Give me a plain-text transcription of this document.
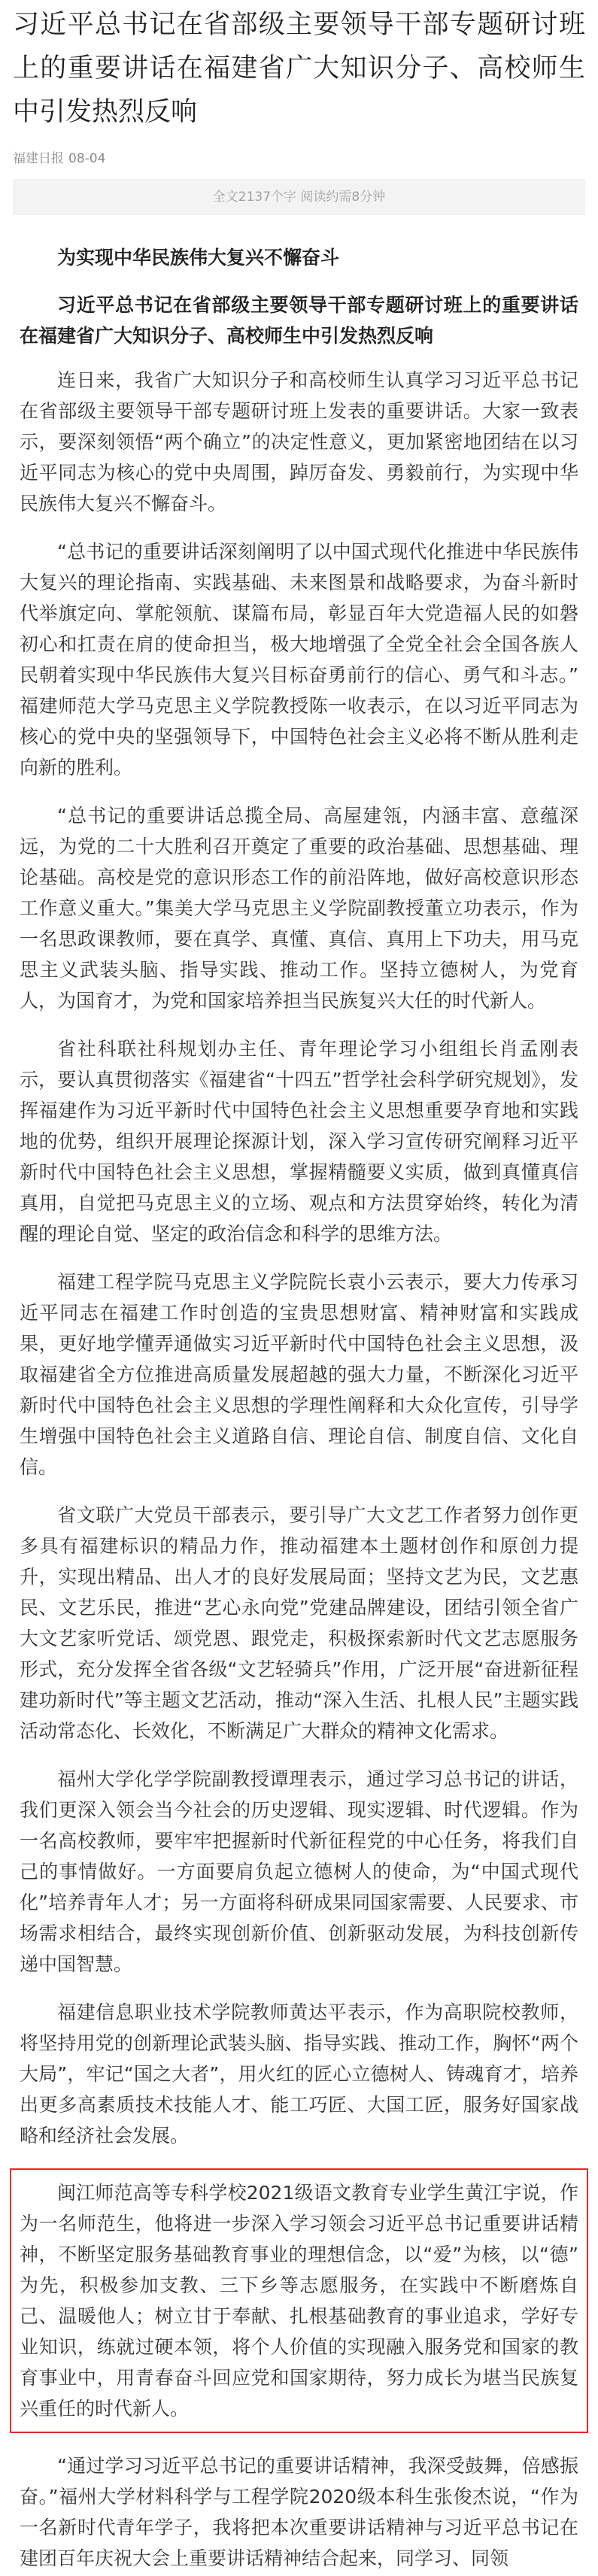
习近平总书记在省部级主要领导干部专题研讨班上的重要讲话在福建省广大知识分子、高校师生中引发热烈反响
福建日报 08-04
全文2137个字 阅读约需8分钟

为实现中华民族伟大复兴不懈奋斗

习近平总书记在省部级主要领导干部专题研讨班上的重要讲话在福建省广大知识分子、高校师生中引发热烈反响

连日来，我省广大知识分子和高校师生认真学习习近平总书记在省部级主要领导干部专题研讨班上发表的重要讲话。大家一致表示，要深刻领悟“两个确立”的决定性意义，更加紧密地团结在以习近平同志为核心的党中央周围，踔厉奋发、勇毅前行，为实现中华民族伟大复兴不懈奋斗。

“总书记的重要讲话深刻阐明了以中国式现代化推进中华民族伟大复兴的理论指南、实践基础、未来图景和战略要求，为奋斗新时代举旗定向、掌舵领航、谋篇布局，彰显百年大党造福人民的如磐初心和扛责在肩的使命担当，极大地增强了全党全社会全国各族人民朝着实现中华民族伟大复兴目标奋勇前行的信心、勇气和斗志。”福建师范大学马克思主义学院教授陈一收表示，在以习近平同志为核心的党中央的坚强领导下，中国特色社会主义必将不断从胜利走向新的胜利。

“总书记的重要讲话总揽全局、高屋建瓴，内涵丰富、意蕴深远，为党的二十大胜利召开奠定了重要的政治基础、思想基础、理论基础。高校是党的意识形态工作的前沿阵地，做好高校意识形态工作意义重大。”集美大学马克思主义学院副教授董立功表示，作为一名思政课教师，要在真学、真懂、真信、真用上下功夫，用马克思主义武装头脑、指导实践、推动工作。坚持立德树人，为党育人，为国育才，为党和国家培养担当民族复兴大任的时代新人。

省社科联社科规划办主任、青年理论学习小组组长肖孟刚表示，要认真贯彻落实《福建省“十四五”哲学社会科学研究规划》，发挥福建作为习近平新时代中国特色社会主义思想重要孕育地和实践地的优势，组织开展理论探源计划，深入学习宣传研究阐释习近平新时代中国特色社会主义思想，掌握精髓要义实质，做到真懂真信真用，自觉把马克思主义的立场、观点和方法贯穿始终，转化为清醒的理论自觉、坚定的政治信念和科学的思维方法。

福建工程学院马克思主义学院院长袁小云表示，要大力传承习近平同志在福建工作时创造的宝贵思想财富、精神财富和实践成果，更好地学懂弄通做实习近平新时代中国特色社会主义思想，汲取福建省全方位推进高质量发展超越的强大力量，不断深化习近平新时代中国特色社会主义思想的学理性阐释和大众化宣传，引导学生增强中国特色社会主义道路自信、理论自信、制度自信、文化自信。

省文联广大党员干部表示，要引导广大文艺工作者努力创作更多具有福建标识的精品力作，推动福建本土题材创作和原创力提升，实现出精品、出人才的良好发展局面；坚持文艺为民，文艺惠民、文艺乐民，推进“艺心永向党”党建品牌建设，团结引领全省广大文艺家听党话、颂党恩、跟党走，积极探索新时代文艺志愿服务形式，充分发挥全省各级“文艺轻骑兵”作用，广泛开展“奋进新征程 建功新时代”等主题文艺活动，推动“深入生活、扎根人民”主题实践活动常态化、长效化，不断满足广大群众的精神文化需求。

福州大学化学学院副教授谭理表示，通过学习总书记的讲话，我们更深入领会当今社会的历史逻辑、现实逻辑、时代逻辑。作为一名高校教师，要牢牢把握新时代新征程党的中心任务，将我们自己的事情做好。一方面要肩负起立德树人的使命，为“中国式现代化”培养青年人才；另一方面将科研成果同国家需要、人民要求、市场需求相结合，最终实现创新价值、创新驱动发展，为科技创新传递中国智慧。

福建信息职业技术学院教师黄达平表示，作为高职院校教师，将坚持用党的创新理论武装头脑、指导实践、推动工作，胸怀“两个大局”，牢记“国之大者”，用火红的匠心立德树人、铸魂育才，培养出更多高素质技术技能人才、能工巧匠、大国工匠，服务好国家战略和经济社会发展。

闽江师范高等专科学校2021级语文教育专业学生黄江宇说，作为一名师范生，他将进一步深入学习领会习近平总书记重要讲话精神，不断坚定服务基础教育事业的理想信念，以“爱”为核，以“德”为先，积极参加支教、三下乡等志愿服务，在实践中不断磨炼自己、温暖他人；树立甘于奉献、扎根基础教育的事业追求，学好专业知识，练就过硬本领，将个人价值的实现融入服务党和国家的教育事业中，用青春奋斗回应党和国家期待，努力成长为堪当民族复兴重任的时代新人。

“通过学习习近平总书记的重要讲话精神，我深受鼓舞，倍感振奋。”福州大学材料科学与工程学院2020级本科生张俊杰说，“作为一名新时代青年学子，我将把本次重要讲话精神与习近平总书记在建团百年庆祝大会上重要讲话精神结合起来，同学习、同领
